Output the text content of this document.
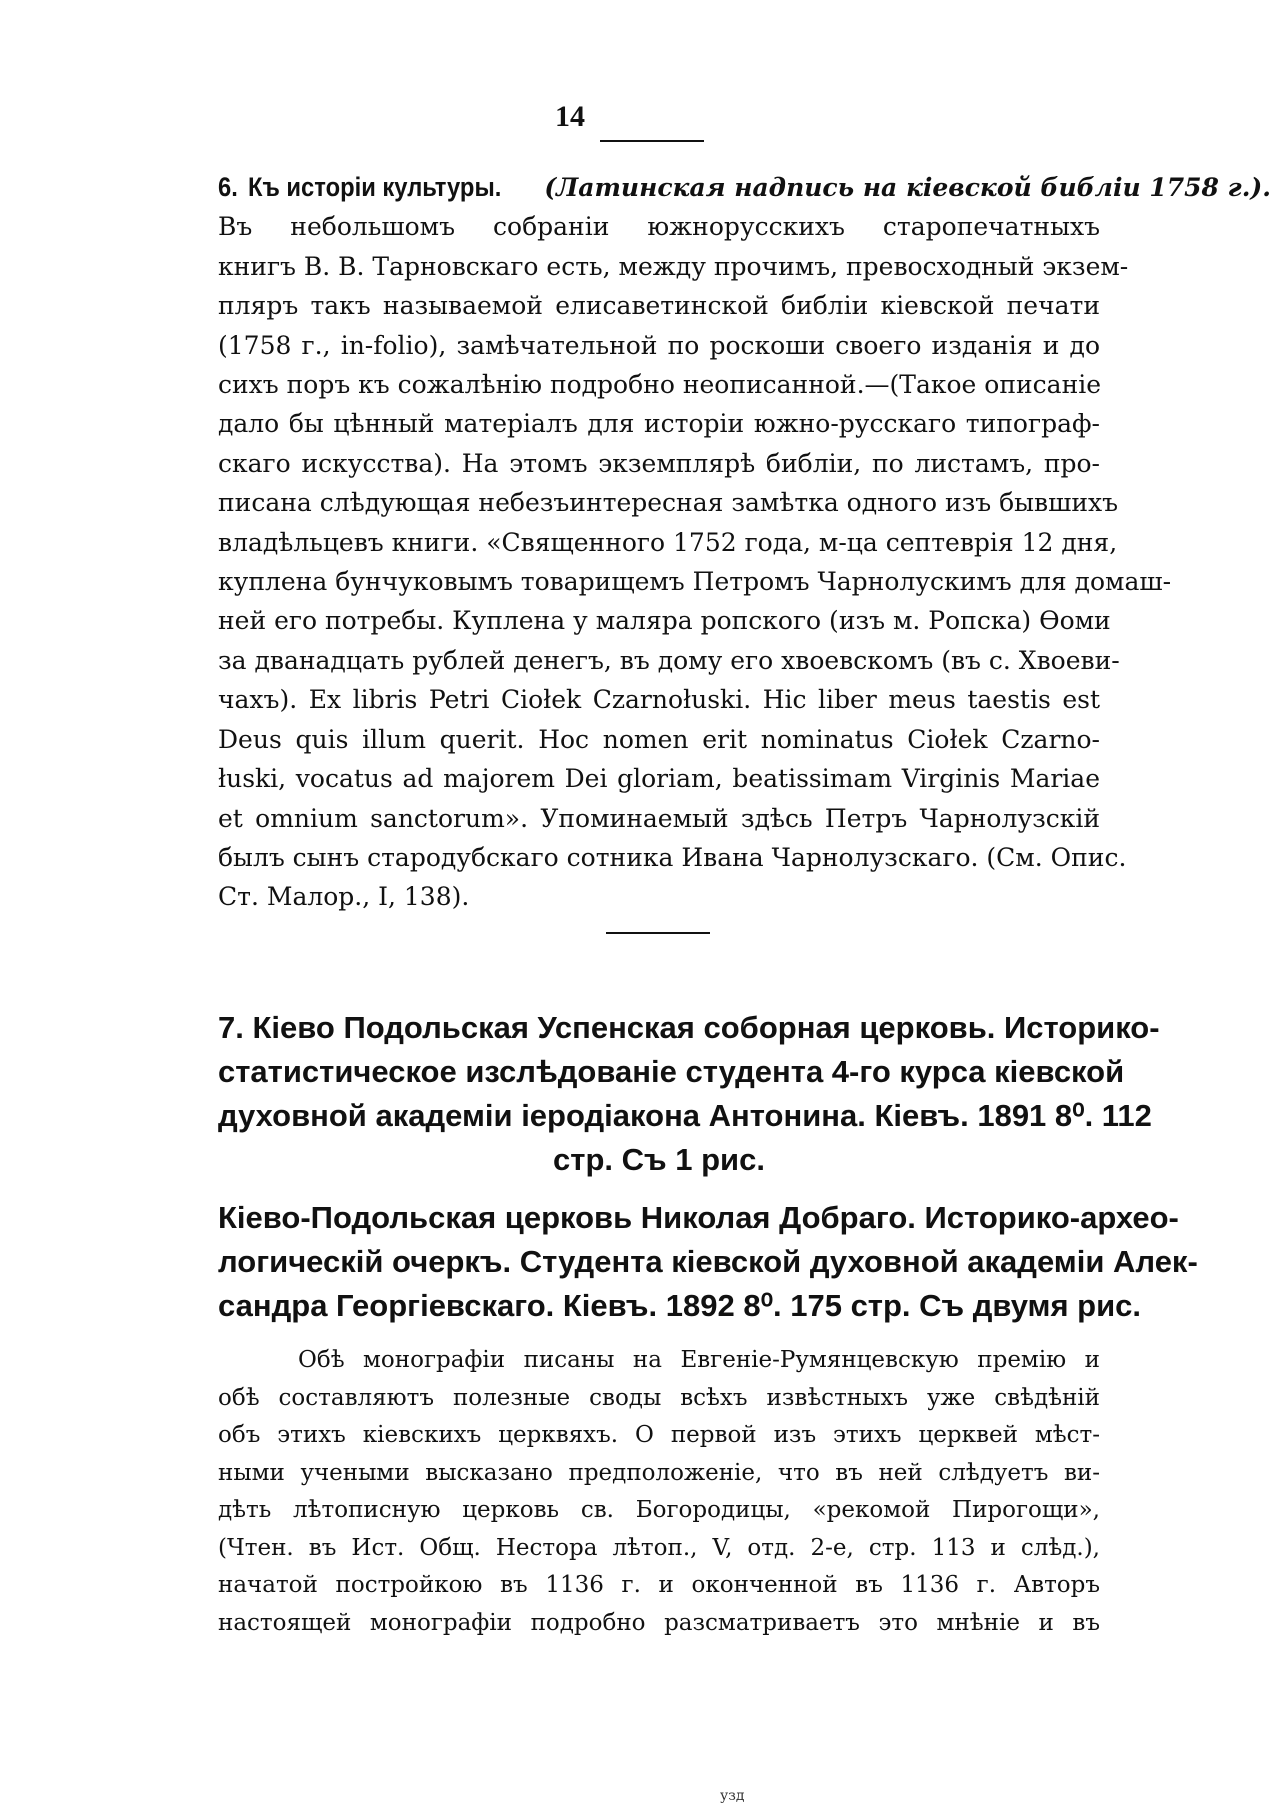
14
6. Къ исторіи культуры. (Латинская надпись на кіевской библіи 1758 г.).
Въ небольшомъ собраніи южнорусскихъ старопечатныхъ
книгъ В. В. Тарновскаго есть, между прочимъ, превосходный экзем-
пляръ такъ называемой елисаветинской библіи кіевской печати
(1758 г., in-folio), замѣчательной по роскоши своего изданія и до
сихъ поръ къ сожалѣнію подробно неописанной.—(Такое описаніе
дало бы цѣнный матеріалъ для исторіи южно-русскаго типограф-
скаго искусства). На этомъ экземплярѣ библіи, по листамъ, про-
писана слѣдующая небезъинтересная замѣтка одного изъ бывшихъ
владѣльцевъ книги. «Священного 1752 года, м-ца септеврія 12 дня,
куплена бунчуковымъ товарищемъ Петромъ Чарнолускимъ для домаш-
ней его потребы. Куплена у маляра ропского (изъ м. Ропска) Өоми
за дванадцать рублей денегъ, въ дому его хвоевскомъ (въ с. Хвоеви-
чахъ). Ex libris Petri Ciołek Czarnołuski. Hic liber meus taestis est
Deus quis illum querit. Hoc nomen erit nominatus Ciołek Czarno-
łuski, vocatus ad majorem Dei gloriam, beatissimam Virginis Mariae
et omnium sanctorum». Упоминаемый здѣсь Петръ Чарнолузскій
былъ сынъ стародубскаго сотника Ивана Чарнолузскаго. (См. Опис.
Ст. Малор., I, 138).
7. Кіево Подольская Успенская соборная церковь. Историко-
статистическое изслѣдованіе студента 4-го курса кіевской
духовной академіи іеродіакона Антонина. Кіевъ. 1891 8⁰. 112
стр. Съ 1 рис.
Кіево-Подольская церковь Николая Добраго. Историко-архео-
логическій очеркъ. Студента кіевской духовной академіи Алек-
сандра Георгіевскаго. Кіевъ. 1892 8⁰. 175 стр. Съ двумя рис.
Обѣ монографіи писаны на Евгеніе-Румянцевскую премію и
обѣ составляютъ полезные своды всѣхъ извѣстныхъ уже свѣдѣній
объ этихъ кіевскихъ церквяхъ. О первой изъ этихъ церквей мѣст-
ными учеными высказано предположеніе, что въ ней слѣдуетъ ви-
дѣть лѣтописную церковь св. Богородицы, «рекомой Пирогощи»,
(Чтен. въ Ист. Общ. Нестора лѣтоп., V, отд. 2-е, стр. 113 и слѣд.),
начатой постройкою въ 1136 г. и оконченной въ 1136 г. Авторъ
настоящей монографіи подробно разсматриваетъ это мнѣніе и въ
узд
